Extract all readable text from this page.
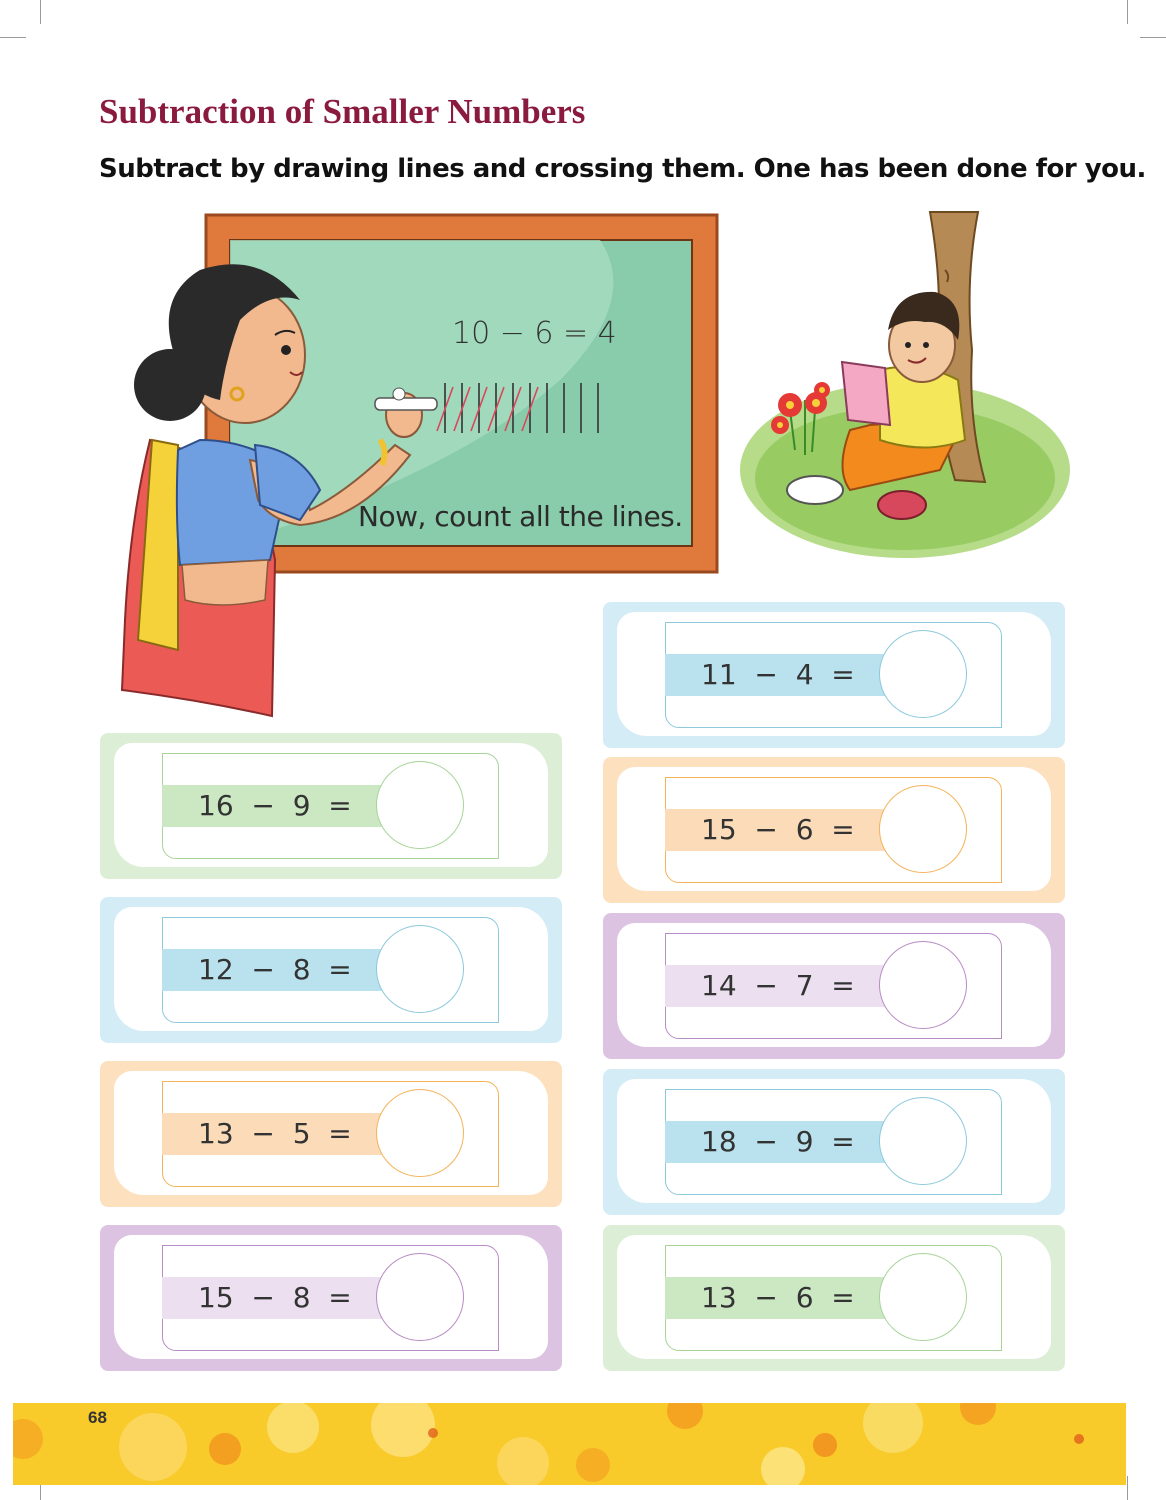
Subtraction of Smaller Numbers

Subtract by drawing lines and crossing them. One has been done for you.

10 − 6 = 4
Now, count all the lines.
11  −  4  =
16  −  9  =
15  −  6  =
12  −  8  =	14  −  7  =
13  −  5  =	18  −  9  =
15  −  8  =	13  −  6  =
68
